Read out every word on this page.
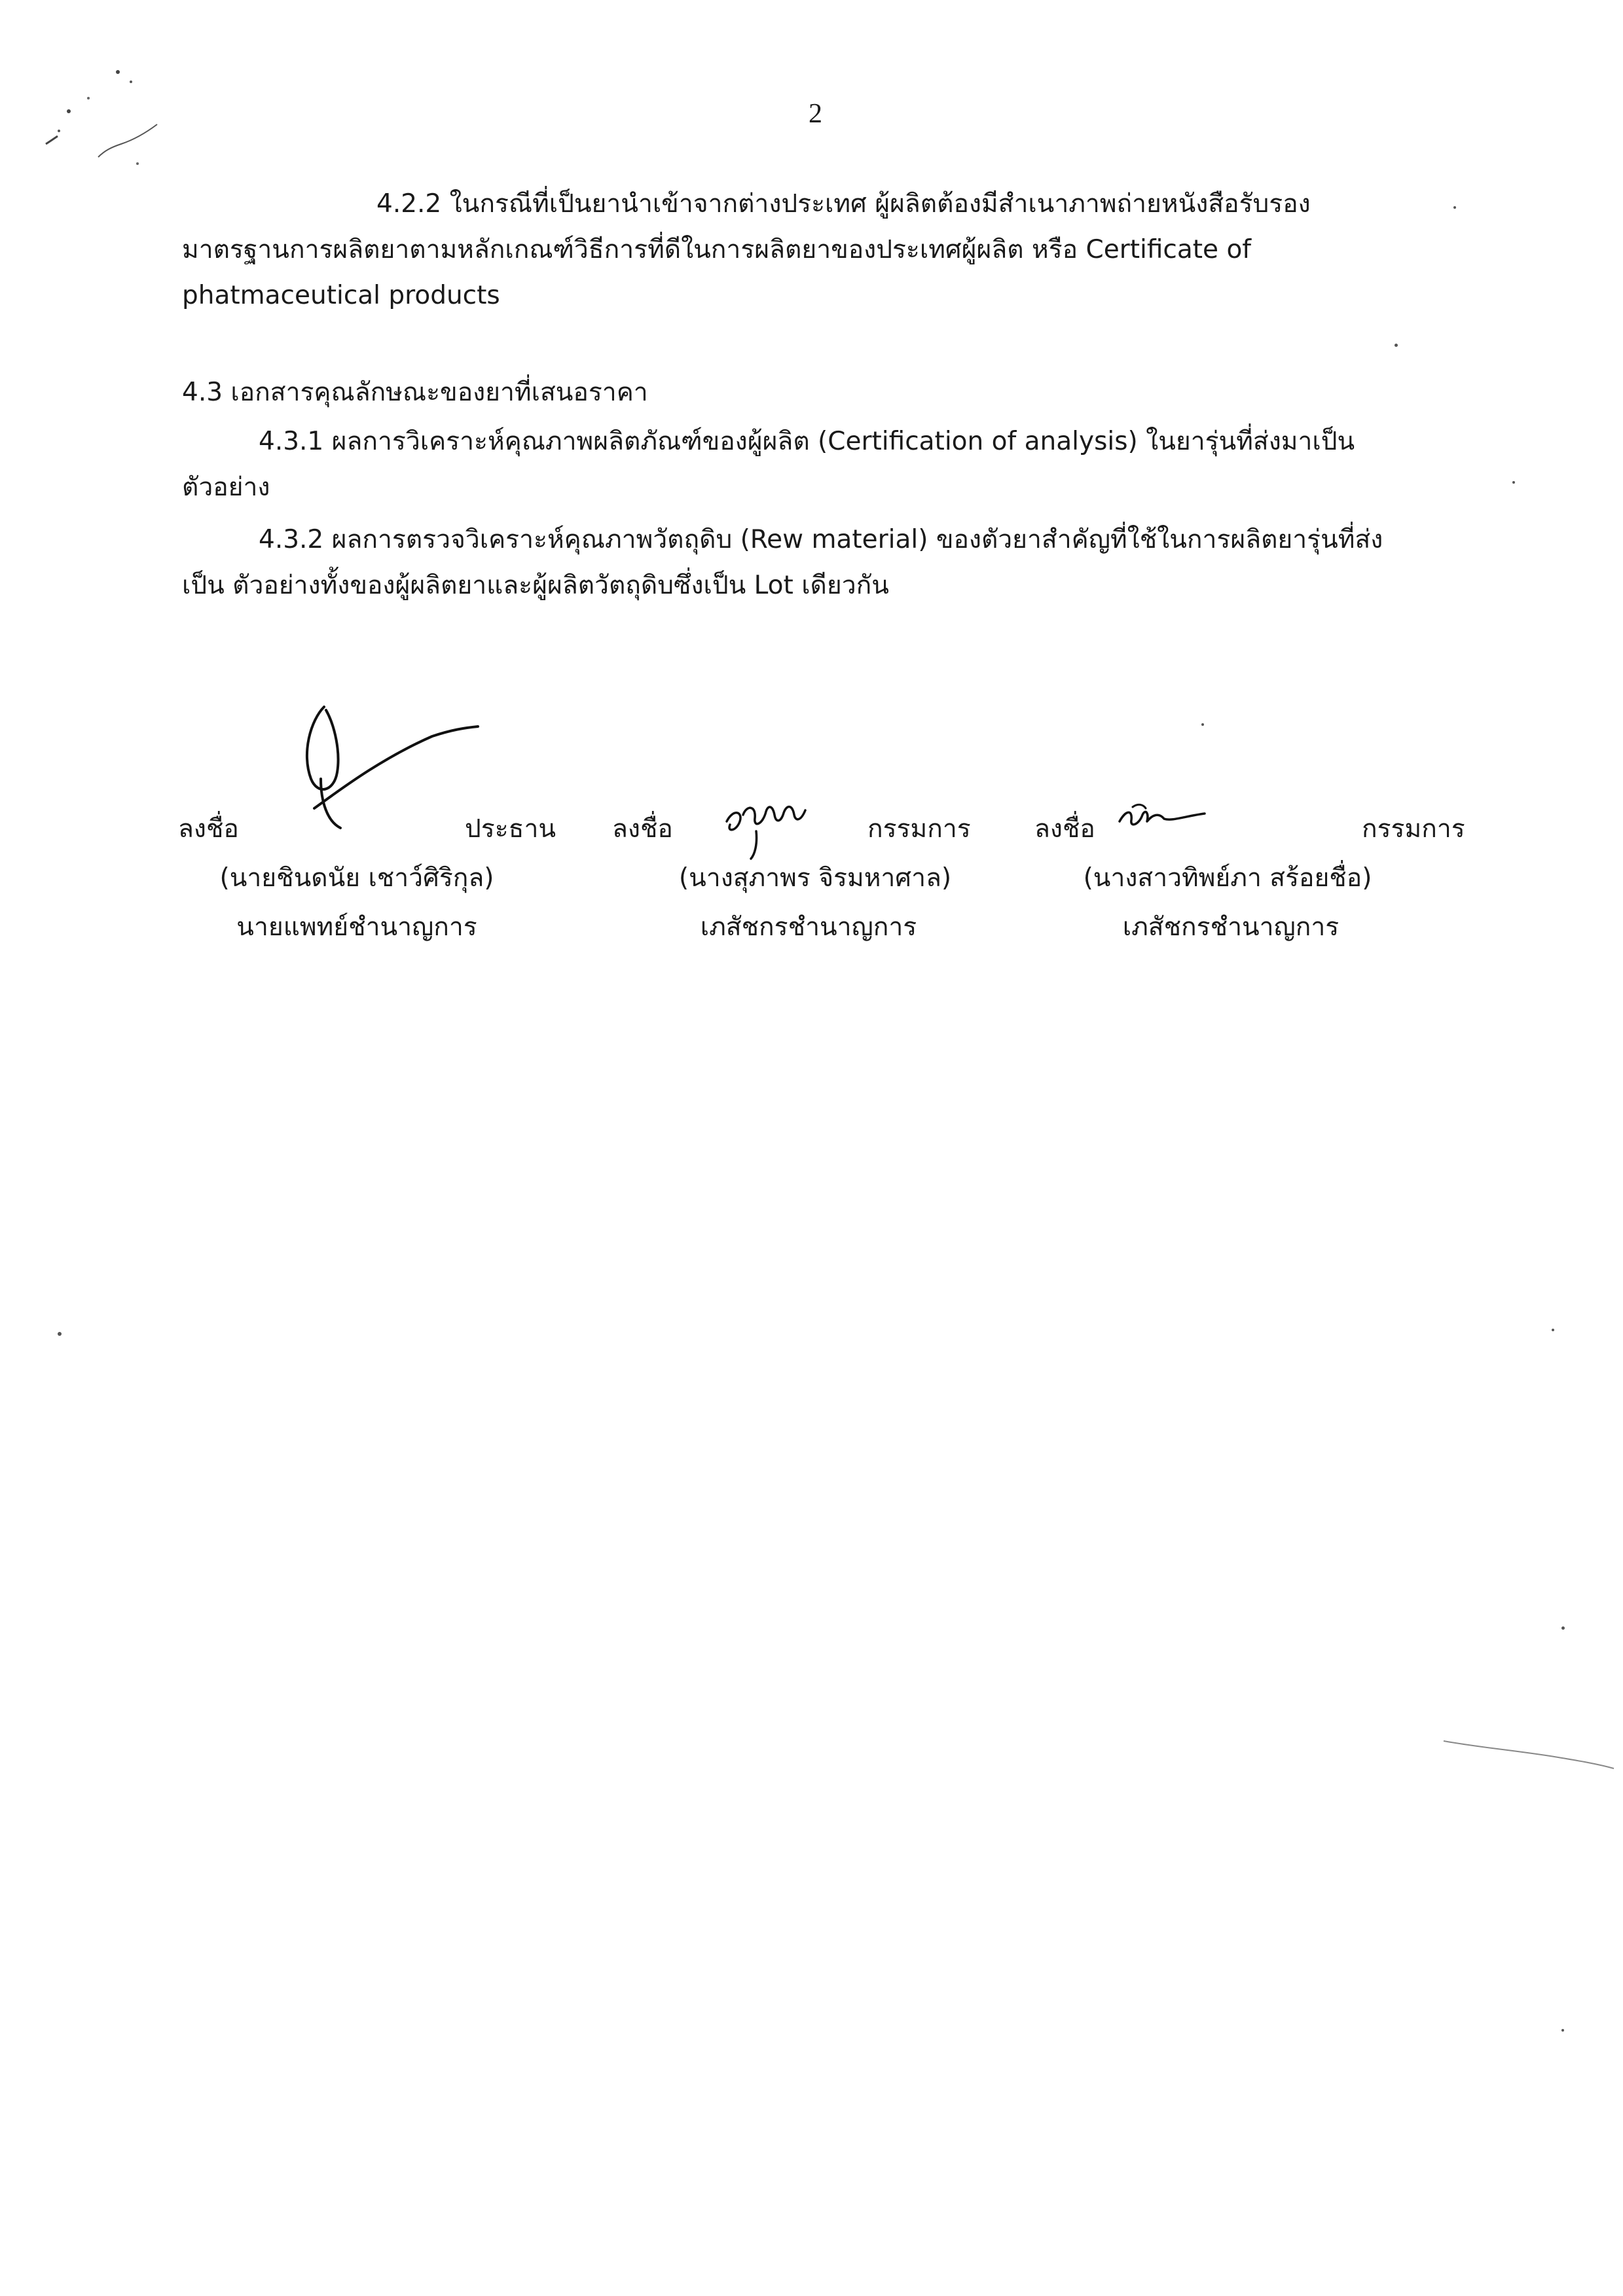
2
4.2.2 ในกรณีที่เป็นยานำเข้าจากต่างประเทศ ผู้ผลิตต้องมีสำเนาภาพถ่ายหนังสือรับรอง
มาตรฐานการผลิตยาตามหลักเกณฑ์วิธีการที่ดีในการผลิตยาของประเทศผู้ผลิต หรือ Certificate of
phatmaceutical products
4.3 เอกสารคุณลักษณะของยาที่เสนอราคา
4.3.1 ผลการวิเคราะห์คุณภาพผลิตภัณฑ์ของผู้ผลิต (Certification of analysis) ในยารุ่นที่ส่งมาเป็น
ตัวอย่าง
4.3.2 ผลการตรวจวิเคราะห์คุณภาพวัตถุดิบ (Rew material) ของตัวยาสำคัญที่ใช้ในการผลิตยารุ่นที่ส่ง
เป็น ตัวอย่างทั้งของผู้ผลิตยาและผู้ผลิตวัตถุดิบซึ่งเป็น Lot เดียวกัน
ลงชื่อ	ประธาน ลงชื่อ	กรรมการ ลงชื่อ	กรรมการ
(นายชินดนัย เชาว์ศิริกุล)	(นางสุภาพร จิรมหาศาล)	(นางสาวทิพย์ภา สร้อยชื่อ)
นายแพทย์ชำนาญการ	เภสัชกรชำนาญการ	เภสัชกรชำนาญการ
